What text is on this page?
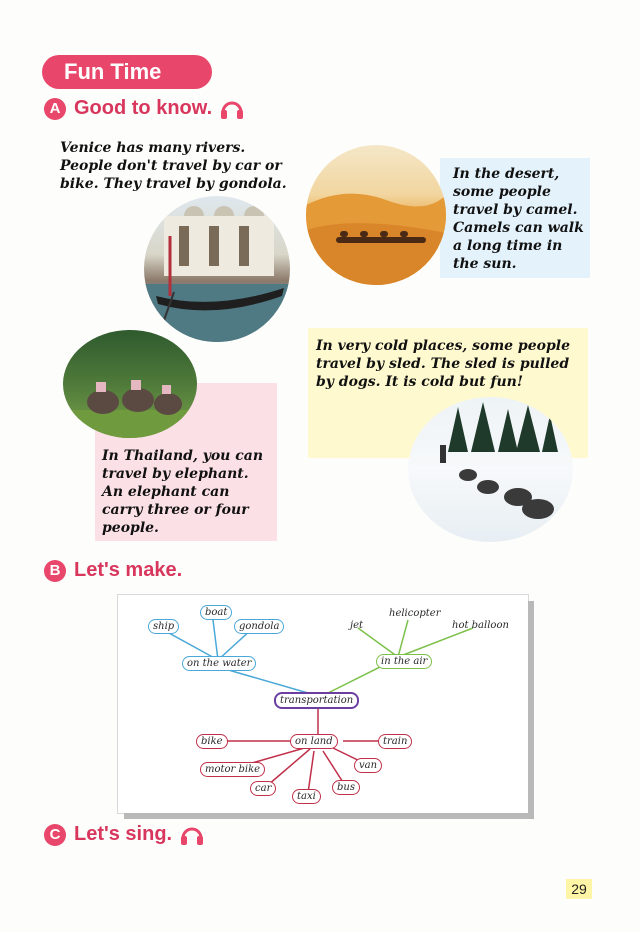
Fun Time
A Good to know.
Venice has many rivers.
People don't travel by car or
bike. They travel by gondola.
In the desert,
some people
travel by camel.
Camels can walk
a long time in
the sun.
In very cold places, some people
travel by sled. The sled is pulled
by dogs. It is cold but fun!
In Thailand, you can
travel by elephant.
An elephant can
carry three or four
people.
B Let's make.
ship
boat
gondola
on the water
jet
helicopter
hot balloon
in the air
transportation
on land
bike
motor bike
car
taxi
bus
van
train
C Let's sing.
29
